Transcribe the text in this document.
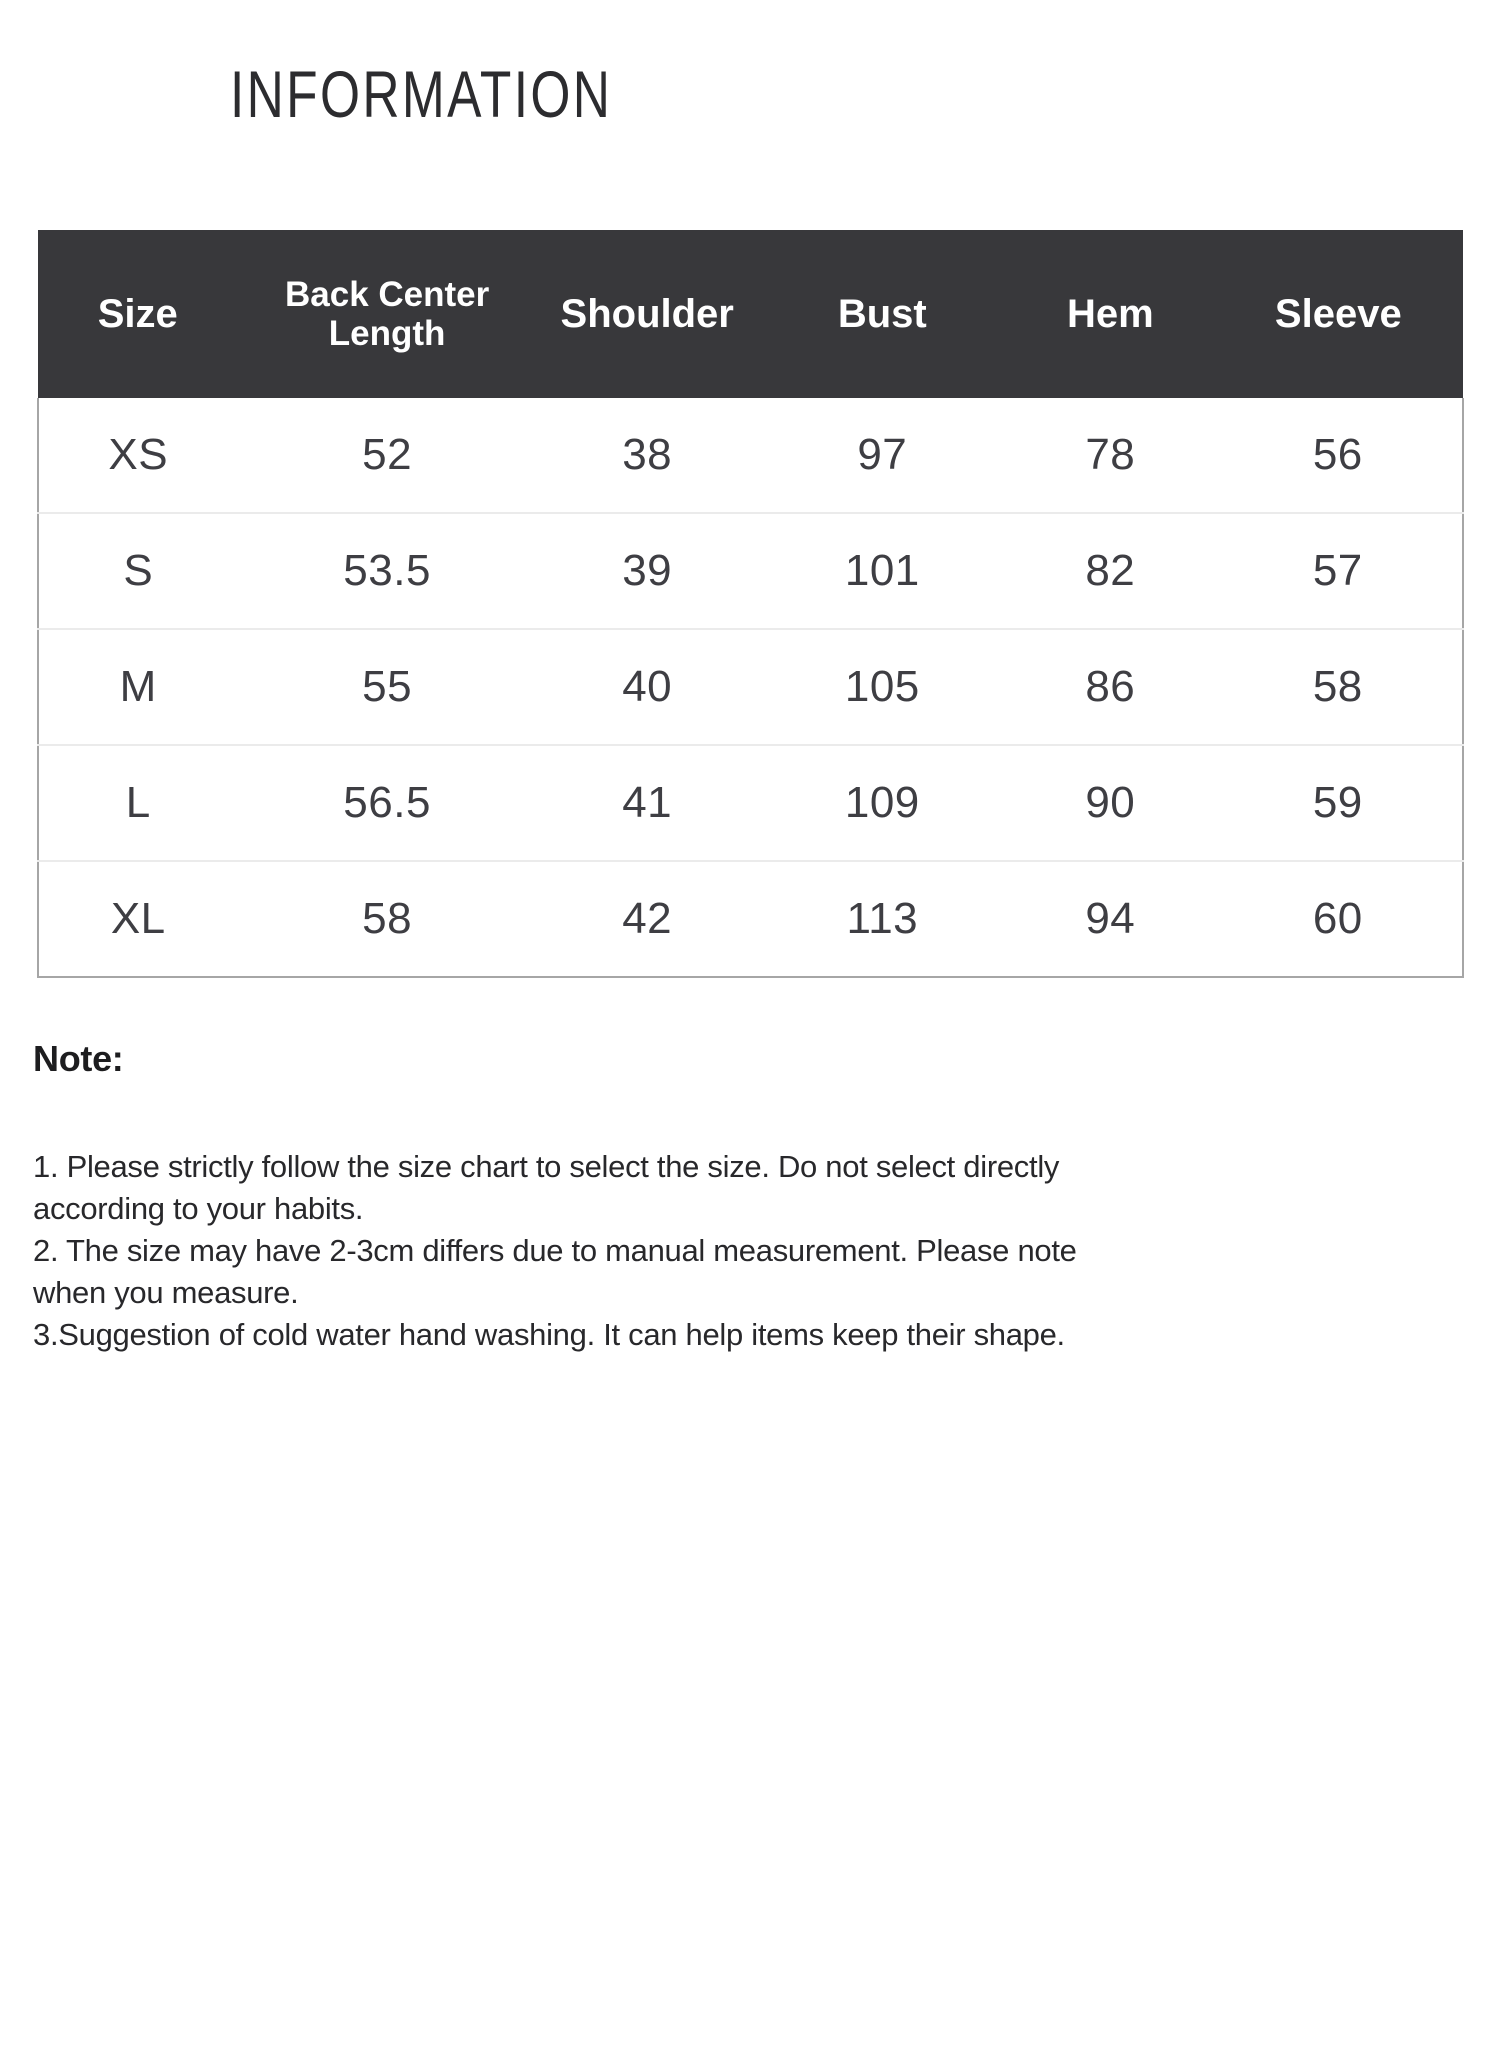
INFORMATION
Size	Back Center Length	Shoulder	Bust	Hem	Sleeve
XS	52	38	97	78	56
S	53.5	39	101	82	57
M	55	40	105	86	58
L	56.5	41	109	90	59
XL	58	42	113	94	60
Note:
1. Please strictly follow the size chart to select the size. Do not select directly
according to your habits.
2. The size may have 2-3cm differs due to manual measurement. Please note
when you measure.
3.Suggestion of cold water hand washing. It can help items keep their shape.
